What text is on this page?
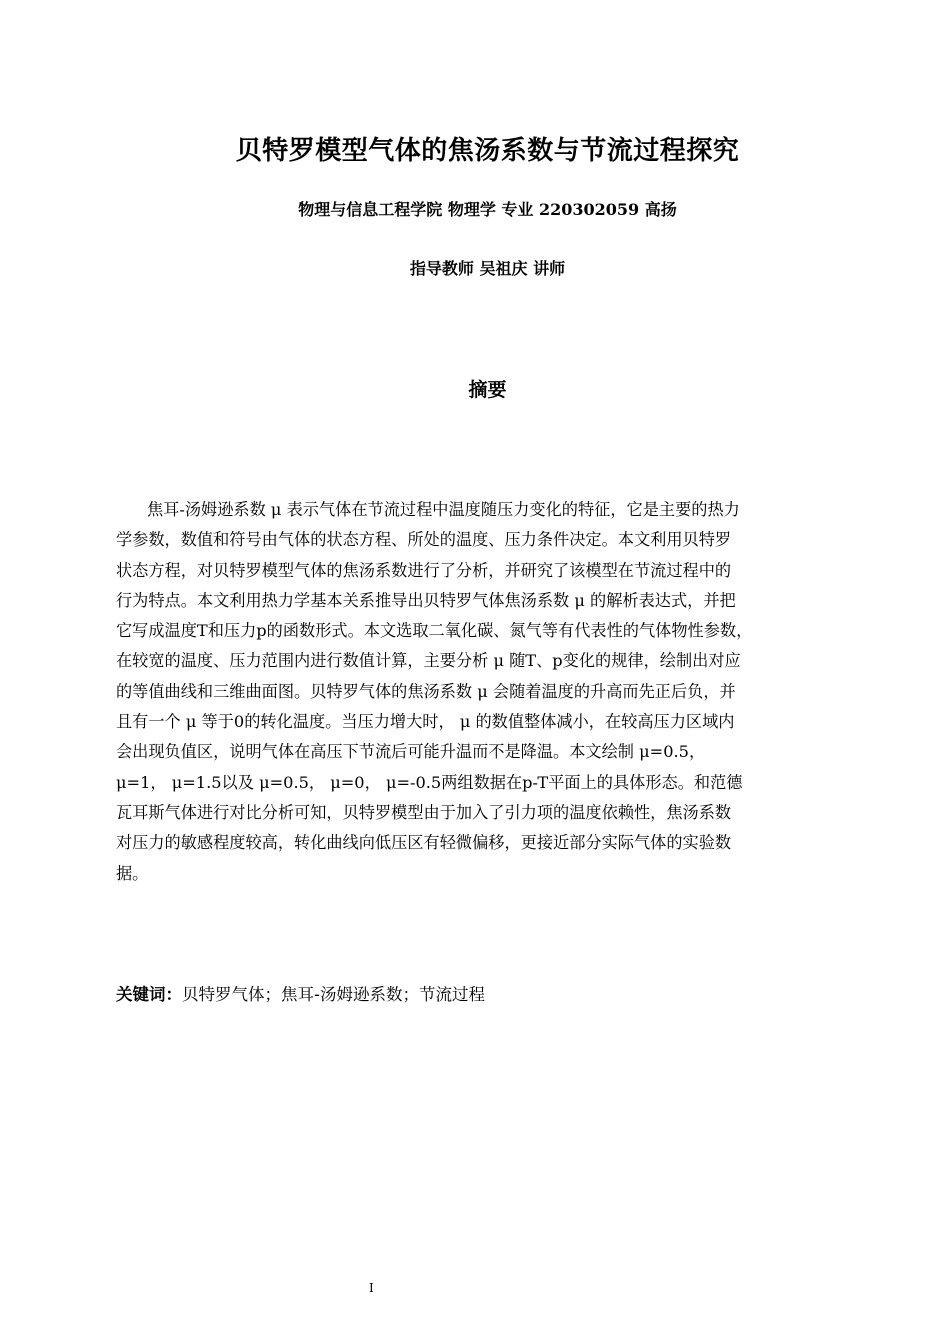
贝特罗模型气体的焦汤系数与节流过程探究
物理与信息工程学院 物理学 专业 220302059 高扬
指导教师 吴祖庆 讲师
摘要
焦耳-汤姆逊系数 μ 表示气体在节流过程中温度随压力变化的特征，它是主要的热力
学参数，数值和符号由气体的状态方程、所处的温度、压力条件决定。本文利用贝特罗
状态方程，对贝特罗模型气体的焦汤系数进行了分析，并研究了该模型在节流过程中的
行为特点。本文利用热力学基本关系推导出贝特罗气体焦汤系数 μ 的解析表达式，并把
它写成温度T和压力p的函数形式。本文选取二氧化碳、氮气等有代表性的气体物性参数，
在较宽的温度、压力范围内进行数值计算，主要分析 μ 随T、p变化的规律，绘制出对应
的等值曲线和三维曲面图。贝特罗气体的焦汤系数 μ 会随着温度的升高而先正后负，并
且有一个 μ 等于0的转化温度。当压力增大时， μ 的数值整体减小，在较高压力区域内
会出现负值区，说明气体在高压下节流后可能升温而不是降温。本文绘制 μ=0.5，
μ=1， μ=1.5以及 μ=0.5， μ=0， μ=-0.5两组数据在p-T平面上的具体形态。和范德
瓦耳斯气体进行对比分析可知，贝特罗模型由于加入了引力项的温度依赖性，焦汤系数
对压力的敏感程度较高，转化曲线向低压区有轻微偏移，更接近部分实际气体的实验数
据。
关键词：贝特罗气体；焦耳-汤姆逊系数；节流过程
I
